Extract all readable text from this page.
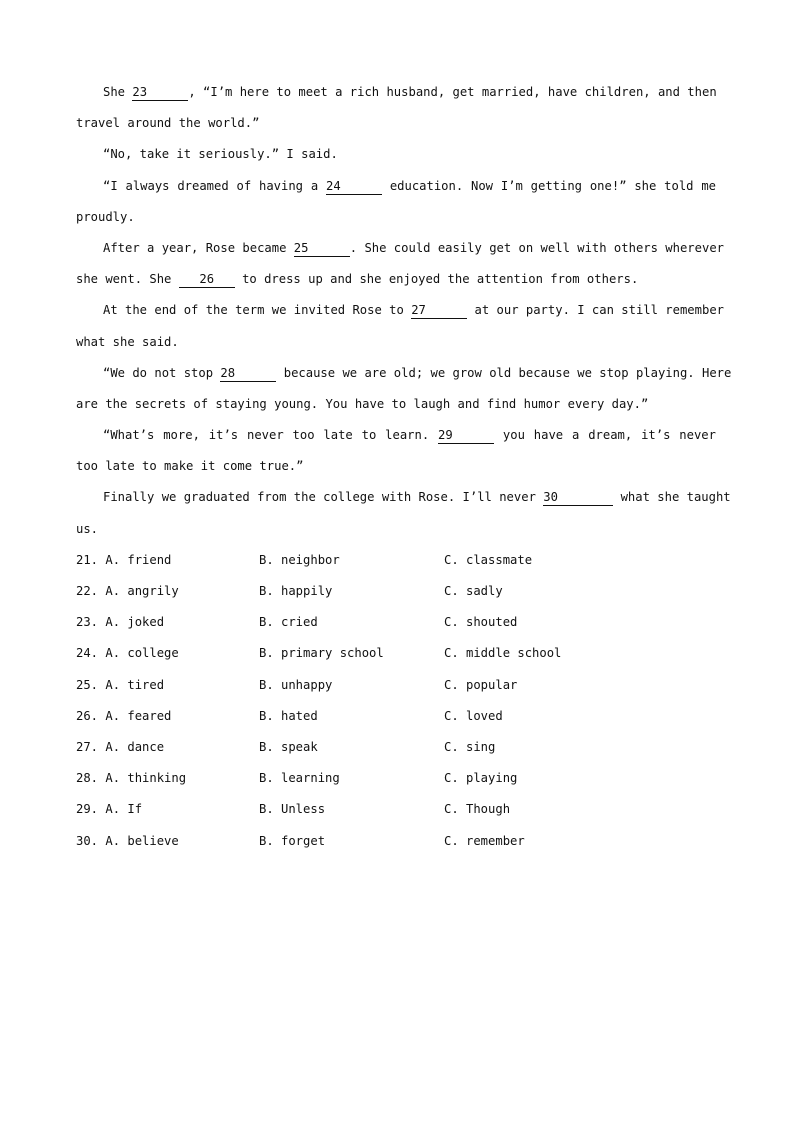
She 23	, “I’m here to meet a rich husband, get married, have children, and then
travel around the world.”
“No, take it seriously.” I said.
“I always dreamed of having a 24	education. Now I’m getting one!” she told me
proudly.
After a year, Rose became 25	. She could easily get on well with others wherever
she went. She 26 to dress up and she enjoyed the attention from others.
At the end of the term we invited Rose to 27	at our party. I can still remember
what she said.
“We do not stop 28	because we are old; we grow old because we stop playing. Here
are the secrets of staying young. You have to laugh and find humor every day.”
“What’s more, it’s never too late to learn. 29	you have a dream, it’s never
too late to make it come true.”
Finally we graduated from the college with Rose. I’ll never 30	what she taught
us.
21. A. friend	B. neighbor	C. classmate
22. A. angrily	B. happily	C. sadly
23. A. joked	B. cried	C. shouted
24. A. college	B. primary school	C. middle school
25. A. tired	B. unhappy	C. popular
26. A. feared	B. hated	C. loved
27. A. dance	B. speak	C. sing
28. A. thinking	B. learning	C. playing
29. A. If	B. Unless	C. Though
30. A. believe	B. forget	C. remember
